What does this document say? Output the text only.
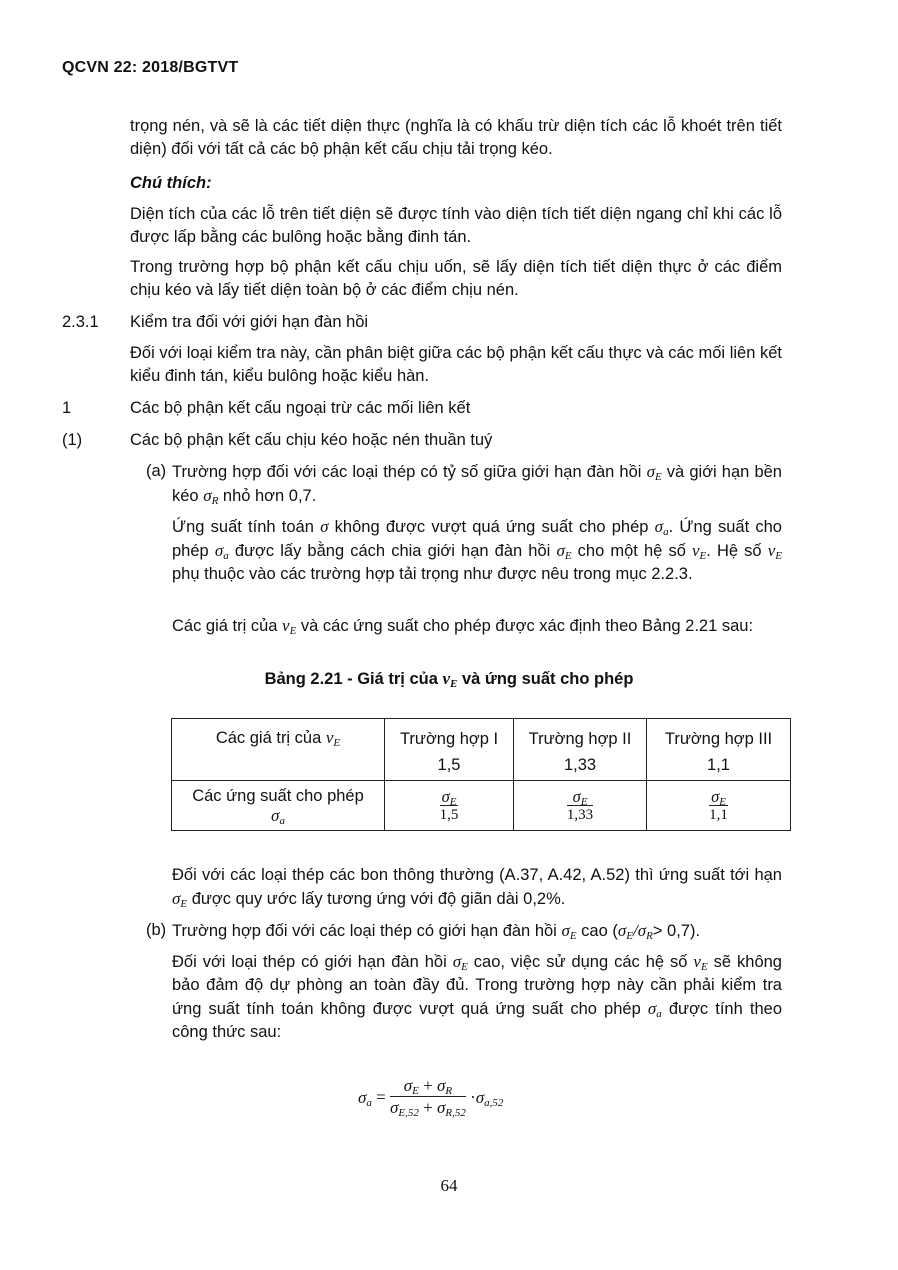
QCVN 22: 2018/BGTVT

trọng nén, và sẽ là các tiết diện thực (nghĩa là có khấu trừ diện tích các lỗ khoét trên tiết diện) đối với tất cả các bộ phận kết cấu chịu tải trọng kéo.

Chú thích:

Diện tích của các lỗ trên tiết diện sẽ được tính vào diện tích tiết diện ngang chỉ khi các lỗ được lấp bằng các bulông hoặc bằng đinh tán.

Trong trường hợp bộ phận kết cấu chịu uốn, sẽ lấy diện tích tiết diện thực ở các điểm chịu kéo và lấy tiết diện toàn bộ ở các điểm chịu nén.

2.3.1 Kiểm tra đối với giới hạn đàn hồi

Đối với loại kiểm tra này, cần phân biệt giữa các bộ phận kết cấu thực và các mối liên kết kiểu đinh tán, kiểu bulông hoặc kiểu hàn.

1	Các bộ phận kết cấu ngoại trừ các mối liên kết
(1)	Các bộ phận kết cấu chịu kéo hoặc nén thuần tuý
(a) Trường hợp đối với các loại thép có tỷ số giữa giới hạn đàn hồi $\sigma_E$ và giới hạn bền kéo $\sigma_R$ nhỏ hơn 0,7.

Ứng suất tính toán σ không được vượt quá ứng suất cho phép $\sigma_a$. Ứng suất cho phép $\sigma_a$ được lấy bằng cách chia giới hạn đàn hồi $\sigma_E$ cho một hệ số $\nu_E$. Hệ số $\nu_E$ phụ thuộc vào các trường hợp tải trọng như được nêu trong mục 2.2.3.

Các giá trị của $\nu_E$ và các ứng suất cho phép được xác định theo Bảng 2.21 sau:

Bảng 2.21 - Giá trị của $\nu_E$ và ứng suất cho phép
Các giá trị của $\nu_E$	Trường hợp I	Trường hợp II	Trường hợp III
	1,5	1,33	1,1
Các ứng suất cho phép
$\sigma_a$	$\frac{\sigma_E}{1,5}$	$\frac{\sigma_E}{1,33}$	$\frac{\sigma_E}{1,1}$

Đối với các loại thép các bon thông thường (A.37, A.42, A.52) thì ứng suất tới hạn $\sigma_E$ được quy ước lấy tương ứng với độ giãn dài 0,2%.

(b) Trường hợp đối với các loại thép có giới hạn đàn hồi $\sigma_E$ cao $(\sigma_E/\sigma_R> 0,7)$.

Đối với loại thép có giới hạn đàn hồi $\sigma_E$ cao, việc sử dụng các hệ số $\nu_E$ sẽ không bảo đảm độ dự phòng an toàn đầy đủ. Trong trường hợp này cần phải kiểm tra ứng suất tính toán không được vượt quá ứng suất cho phép $\sigma_a$ được tính theo công thức sau:

$\sigma_a = \frac{\sigma_E + \sigma_R}{\sigma_{E,52} + \sigma_{R,52}} \cdot\sigma_{a,52}$
64
